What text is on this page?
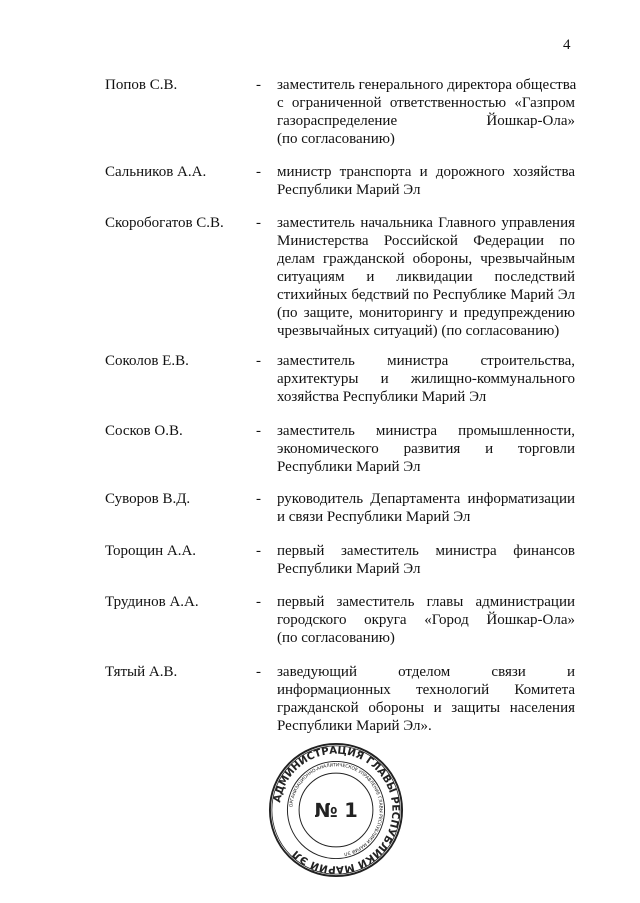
4
Попов С.В.	- заместитель генерального директора общества
с ограниченной ответственностью «Газпром
газораспределение Йошкар-Ола»
(по согласованию)
Сальников А.А.	- министр транспорта и дорожного хозяйства
Республики Марий Эл
Скоробогатов С.В. - заместитель начальника Главного управления
Министерства Российской Федерации по
делам гражданской обороны, чрезвычайным
ситуациям и ликвидации последствий
стихийных бедствий по Республике Марий Эл
(по защите, мониторингу и предупреждению
чрезвычайных ситуаций) (по согласованию)
Соколов Е.В.	- заместитель министра строительства,
архитектуры и жилищно-коммунального
хозяйства Республики Марий Эл
Сосков О.В.	- заместитель министра промышленности,
экономического развития и торговли
Республики Марий Эл
Суворов В.Д.	- руководитель Департамента информатизации
и связи Республики Марий Эл
Торощин А.А.	- первый заместитель министра финансов
Республики Марий Эл
Трудинов А.А.	- первый заместитель главы администрации
городского округа «Город Йошкар-Ола»
(по согласованию)
Тятый А.В.	- заведующий отделом связи и
информационных технологий Комитета
гражданской обороны и защиты населения
Республики Марий Эл».
АДМИНИСТРАЦИЯ ГЛАВЫ РЕСПУБЛИКИ МАРИЙ ЭЛ
ОРГАНИЗАЦИОННО-АНАЛИТИЧЕСКОЕ УПРАВЛЕНИЕ ГЛАВЫ РЕСПУБЛИКИ МАРИЙ ЭЛ
№ 1
